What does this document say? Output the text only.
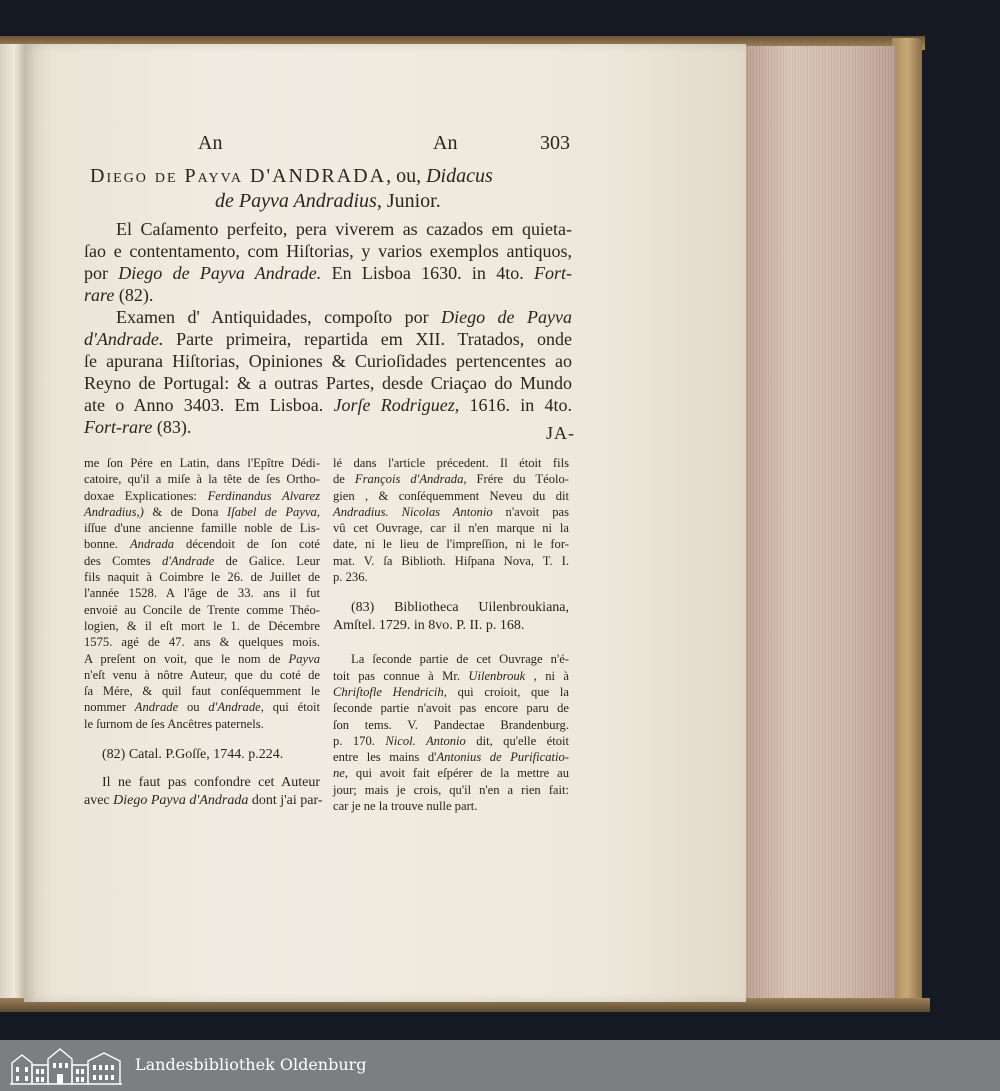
An	An	303
Diego de Payva D'ANDRADA, ou, Didacus
de Payva Andradius, Junior.
El Caſamento perfeito, pera viverem as cazados em quieta-
ſao e contentamento, com Hiſtorias, y varios exemplos antiquos,
por Diego de Payva Andrade. En Lisboa 1630. in 4to. Fort-
rare (82).
Examen d' Antiquidades, compoſto por Diego de Payva
d'Andrade. Parte primeira, repartida em XII. Tratados, onde
ſe apurana Hiſtorias, Opiniones & Curioſidades pertencentes ao
Reyno de Portugal: & a outras Partes, desde Criaçao do Mundo
ate o Anno 3403. Em Lisboa. Jorſe Rodriguez, 1616. in 4to.
Fort-rare (83).	JA-
me ſon Pére en Latin, dans l'Epître Dédi-
catoire, qu'il a miſe à la tête de ſes Ortho-
doxae Explicationes: Ferdinandus Alvarez
Andradius,) & de Dona Iſabel de Payva,
iſſue d'une ancienne famille noble de Lis-
bonne. Andrada décendoit de ſon coté
des Comtes d'Andrade de Galice. Leur
fils naquit à Coimbre le 26. de Juillet de
l'année 1528. A l'âge de 33. ans il fut
envoié au Concile de Trente comme Théo-
logien, & il eſt mort le 1. de Décembre
1575. agé de 47. ans & quelques mois.
A preſent on voit, que le nom de Payva
n'eſt venu à nôtre Auteur, que du coté de
ſa Mére, & quil faut conſéquemment le
nommer Andrade ou d'Andrade, qui étoit
le ſurnom de ſes Ancêtres paternels.
(82) Catal. P.Goſſe, 1744. p.224.
Il ne faut pas confondre cet Auteur
avec Diego Payva d'Andrada dont j'ai par-
lé dans l'article précedent. Il étoit fils
de François d'Andrada, Frére du Téolo-
gien , & conſéquemment Neveu du dit
Andradius. Nicolas Antonio n'avoit pas
vû cet Ouvrage, car il n'en marque ni la
date, ni le lieu de l'impreſſion, ni le for-
mat. V. ſa Biblioth. Hiſpana Nova, T. I.
p. 236.
(83) Bibliotheca Uilenbroukiana,
Amſtel. 1729. in 8vo. P. II. p. 168.
La ſeconde partie de cet Ouvrage n'é-
toit pas connue à Mr. Uilenbrouk , ni à
Chriſtofle Hendricih, qui croioit, que la
ſeconde partie n'avoit pas encore paru de
ſon tems. V. Pandectae Brandenburg.
p. 170. Nicol. Antonio dit, qu'elle étoit
entre les mains d'Antonius de Purificatio-
ne, qui avoit fait eſpérer de la mettre au
jour; mais je crois, qu'il n'en a rien fait:
car je ne la trouve nulle part.
Landesbibliothek Oldenburg
